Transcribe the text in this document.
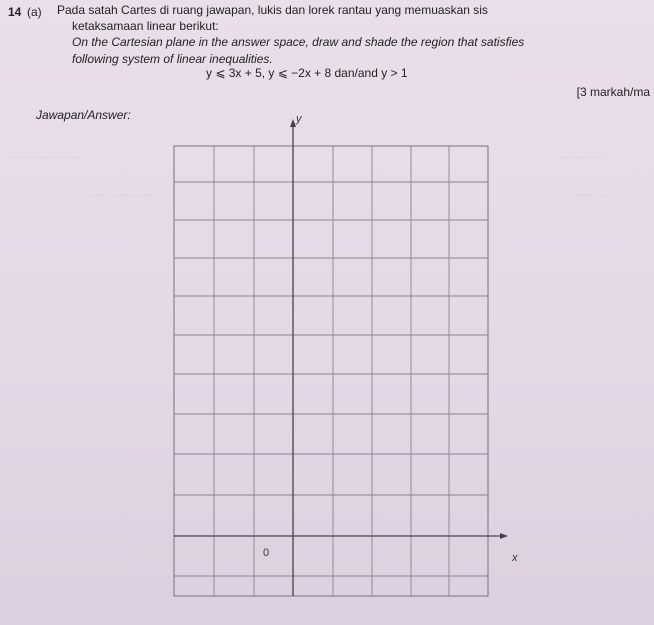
14 (a) Pada satah Cartes di ruang jawapan, lukis dan lorek rantau yang memuaskan sis
ketaksamaan linear berikut:
On the Cartesian plane in the answer space, draw and shade the region that satisfies
following system of linear inequalities.
y ⩽ 3x + 5, y ⩽ −2x + 8 dan/and y > 1
[3 markah/ma
Jawapan/Answer:
···· ········ ······ ···
······ ········ ······
········ ·····
······ ·····
y
x
0
